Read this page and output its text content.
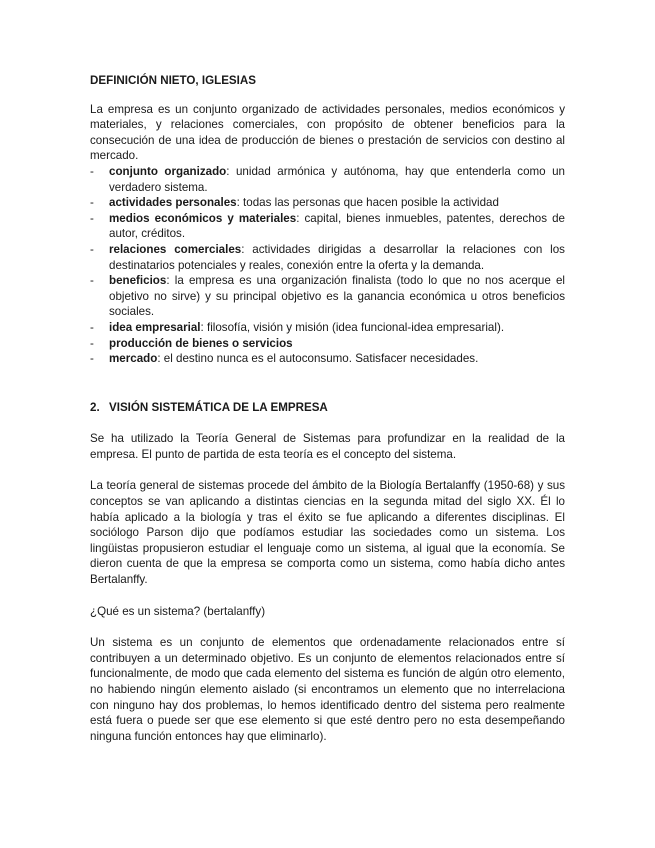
DEFINICIÓN NIETO, IGLESIAS

La empresa es un conjunto organizado de actividades personales, medios económicos y materiales, y relaciones comerciales, con propósito de obtener beneficios para la consecución de una idea de producción de bienes o prestación de servicios con destino al mercado.

- conjunto organizado: unidad armónica y autónoma, hay que entenderla como un verdadero sistema.
- actividades personales: todas las personas que hacen posible la actividad
- medios económicos y materiales: capital, bienes inmuebles, patentes, derechos de autor, créditos.
- relaciones comerciales: actividades dirigidas a desarrollar la relaciones con los destinatarios potenciales y reales, conexión entre la oferta y la demanda.
- beneficios: la empresa es una organización finalista (todo lo que no nos acerque el objetivo no sirve) y su principal objetivo es la ganancia económica u otros beneficios sociales.
- idea empresarial: filosofía, visión y misión (idea funcional-idea empresarial).
- producción de bienes o servicios
- mercado: el destino nunca es el autoconsumo. Satisfacer necesidades.

2. VISIÓN SISTEMÁTICA DE LA EMPRESA

Se ha utilizado la Teoría General de Sistemas para profundizar en la realidad de la empresa. El punto de partida de esta teoría es el concepto del sistema.

La teoría general de sistemas procede del ámbito de la Biología Bertalanffy (1950-68) y sus conceptos se van aplicando a distintas ciencias en la segunda mitad del siglo XX. Él lo había aplicado a la biología y tras el éxito se fue aplicando a diferentes disciplinas. El sociólogo Parson dijo que podíamos estudiar las sociedades como un sistema. Los lingüistas propusieron estudiar el lenguaje como un sistema, al igual que la economía. Se dieron cuenta de que la empresa se comporta como un sistema, como había dicho antes Bertalanffy.

¿Qué es un sistema? (bertalanffy)

Un sistema es un conjunto de elementos que ordenadamente relacionados entre sí contribuyen a un determinado objetivo. Es un conjunto de elementos relacionados entre sí funcionalmente, de modo que cada elemento del sistema es función de algún otro elemento, no habiendo ningún elemento aislado (si encontramos un elemento que no interrelaciona con ninguno hay dos problemas, lo hemos identificado dentro del sistema pero realmente está fuera o puede ser que ese elemento si que esté dentro pero no esta desempeñando ninguna función entonces hay que eliminarlo).
